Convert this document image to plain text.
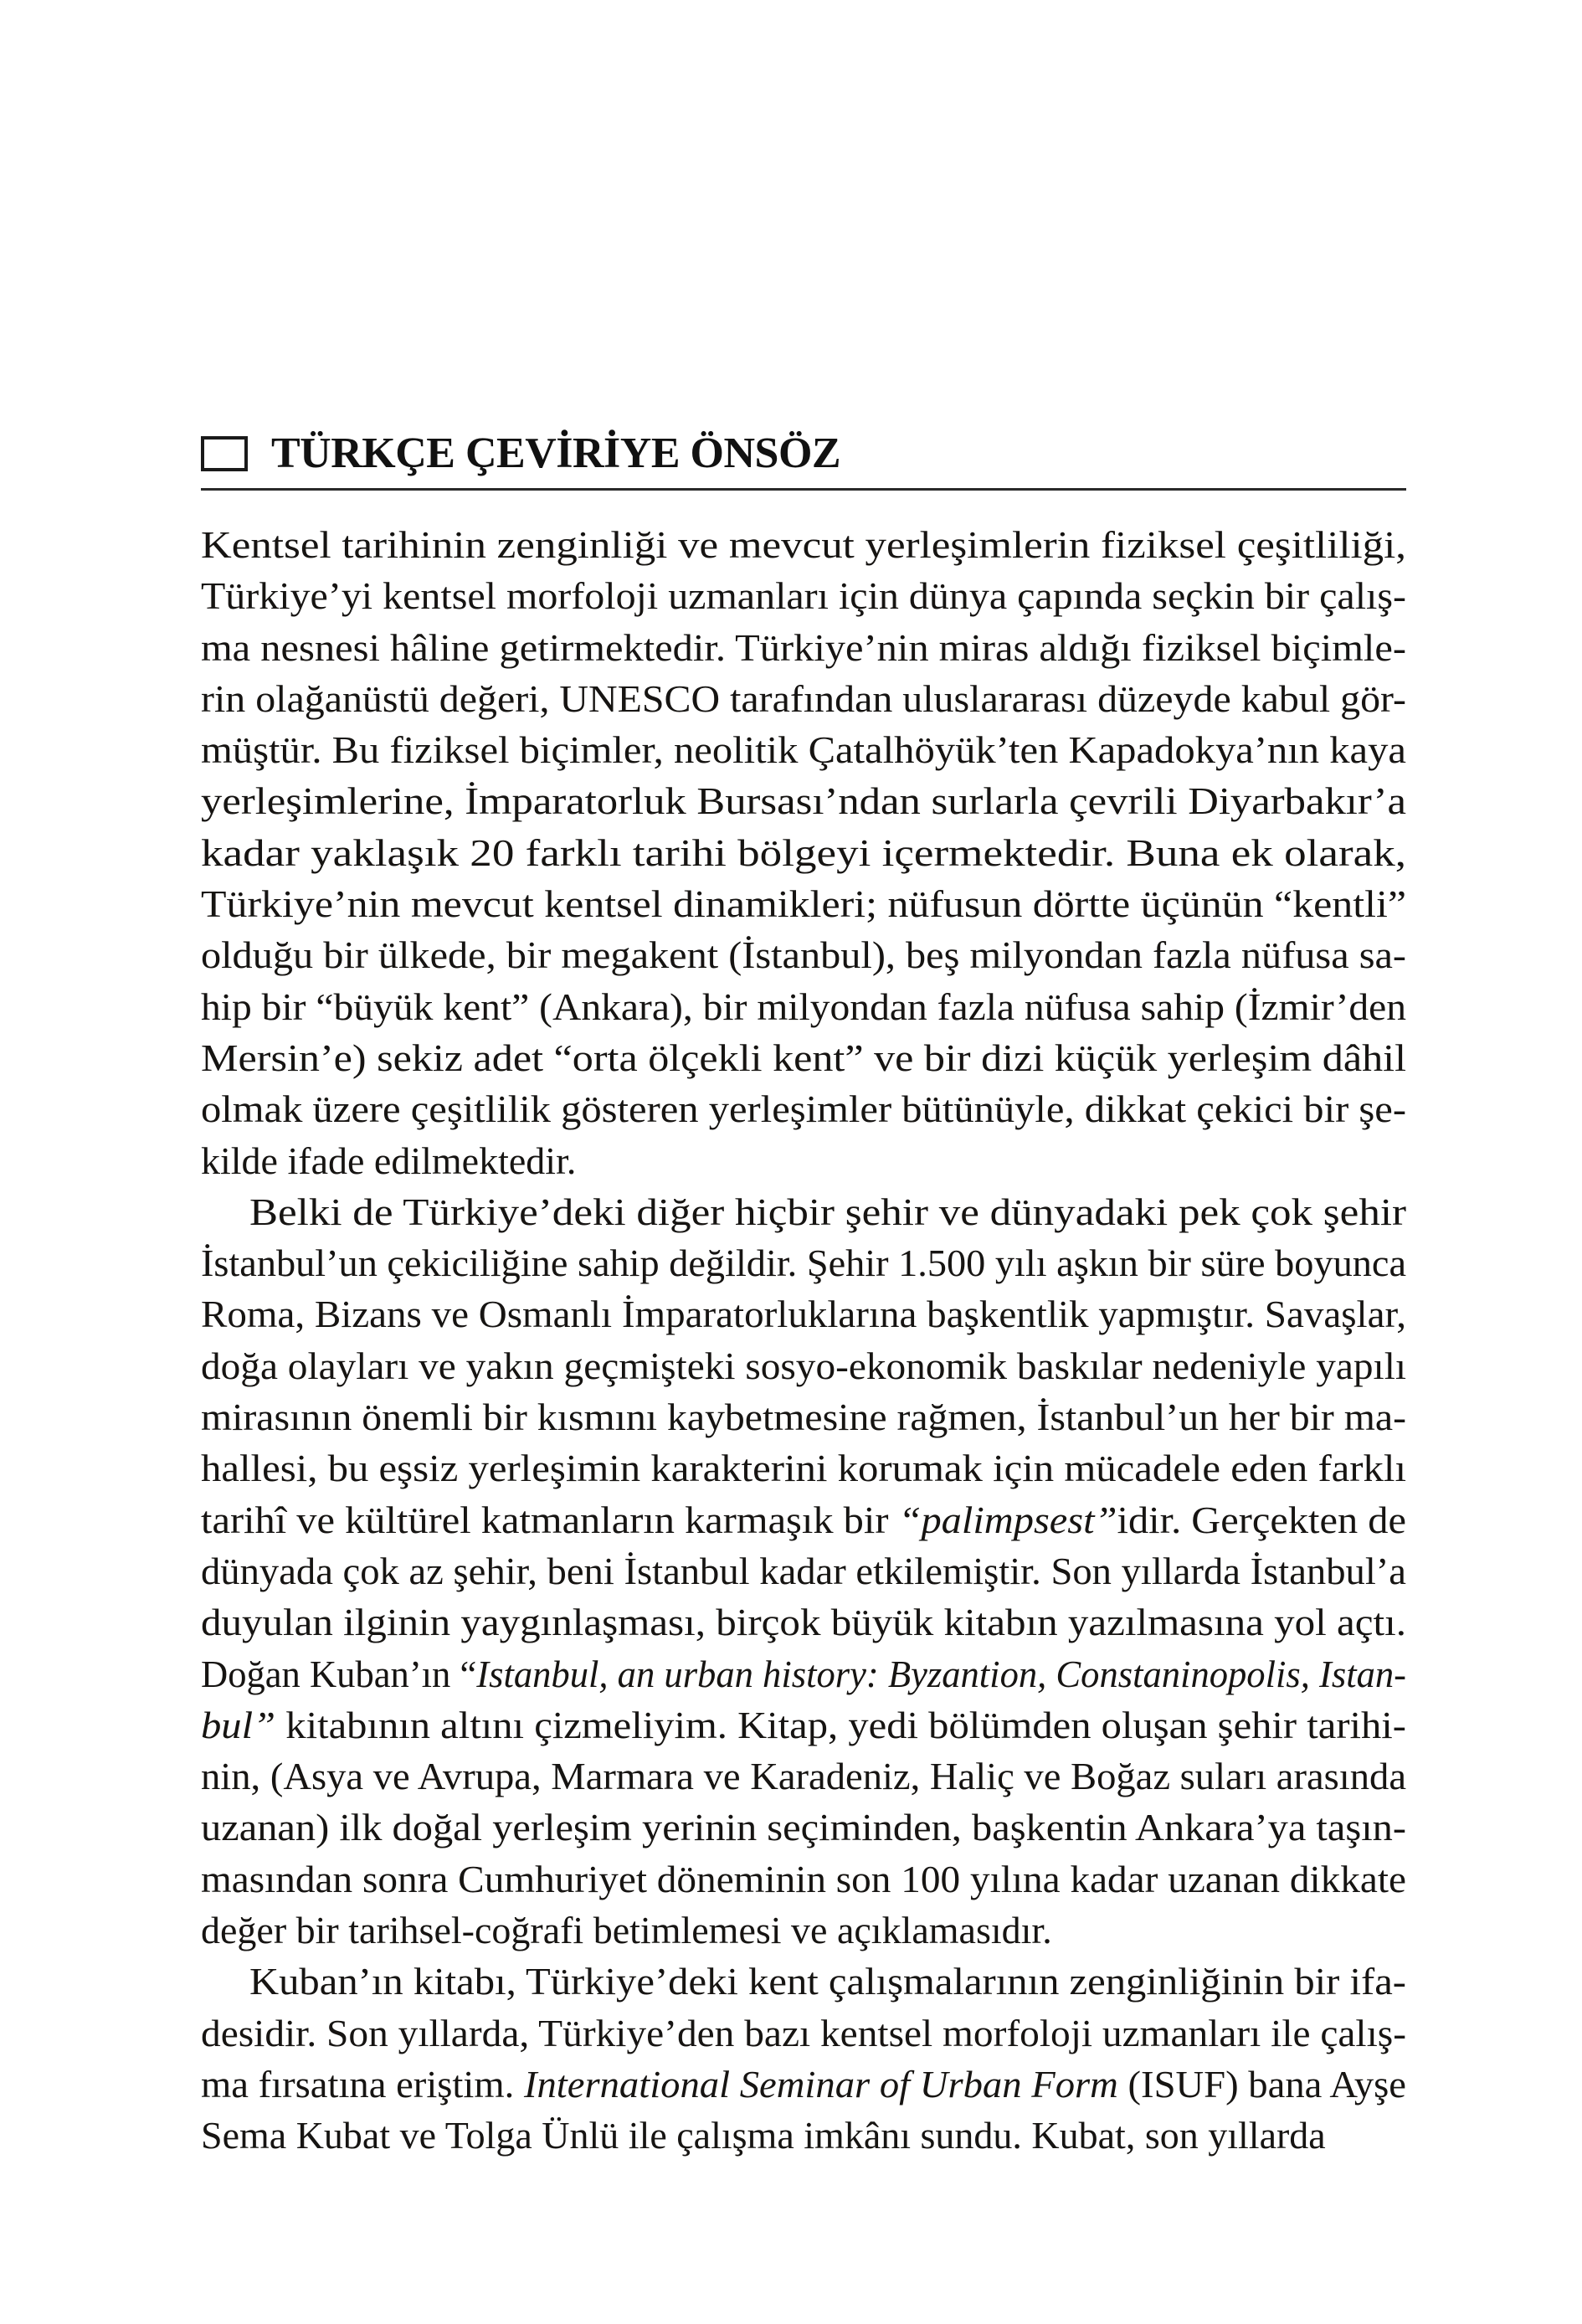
TÜRKÇE ÇEVİRİYE ÖNSÖZ
Kentsel tarihinin zenginliği ve mevcut yerleşimlerin fiziksel çeşitliliği,
Türkiye’yi kentsel morfoloji uzmanları için dünya çapında seçkin bir çalış-
ma nesnesi hâline getirmektedir. Türkiye’nin miras aldığı fiziksel biçimle-
rin olağanüstü değeri, UNESCO tarafından uluslararası düzeyde kabul gör-
müştür. Bu fiziksel biçimler, neolitik Çatalhöyük’ten Kapadokya’nın kaya
yerleşimlerine, İmparatorluk Bursası’ndan surlarla çevrili Diyarbakır’a
kadar yaklaşık 20 farklı tarihi bölgeyi içermektedir. Buna ek olarak,
Türkiye’nin mevcut kentsel dinamikleri; nüfusun dörtte üçünün “kentli”
olduğu bir ülkede, bir megakent (İstanbul), beş milyondan fazla nüfusa sa-
hip bir “büyük kent” (Ankara), bir milyondan fazla nüfusa sahip (İzmir’den
Mersin’e) sekiz adet “orta ölçekli kent” ve bir dizi küçük yerleşim dâhil
olmak üzere çeşitlilik gösteren yerleşimler bütünüyle, dikkat çekici bir şe-
kilde ifade edilmektedir.
Belki de Türkiye’deki diğer hiçbir şehir ve dünyadaki pek çok şehir
İstanbul’un çekiciliğine sahip değildir. Şehir 1.500 yılı aşkın bir süre boyunca
Roma, Bizans ve Osmanlı İmparatorluklarına başkentlik yapmıştır. Savaşlar,
doğa olayları ve yakın geçmişteki sosyo-ekonomik baskılar nedeniyle yapılı
mirasının önemli bir kısmını kaybetmesine rağmen, İstanbul’un her bir ma-
hallesi, bu eşsiz yerleşimin karakterini korumak için mücadele eden farklı
tarihî ve kültürel katmanların karmaşık bir “palimpsest”idir. Gerçekten de
dünyada çok az şehir, beni İstanbul kadar etkilemiştir. Son yıllarda İstanbul’a
duyulan ilginin yaygınlaşması, birçok büyük kitabın yazılmasına yol açtı.
Doğan Kuban’ın “Istanbul, an urban history: Byzantion, Constaninopolis, Istan-
bul” kitabının altını çizmeliyim. Kitap, yedi bölümden oluşan şehir tarihi-
nin, (Asya ve Avrupa, Marmara ve Karadeniz, Haliç ve Boğaz suları arasında
uzanan) ilk doğal yerleşim yerinin seçiminden, başkentin Ankara’ya taşın-
masından sonra Cumhuriyet döneminin son 100 yılına kadar uzanan dikkate
değer bir tarihsel-coğrafi betimlemesi ve açıklamasıdır.
Kuban’ın kitabı, Türkiye’deki kent çalışmalarının zenginliğinin bir ifa-
desidir. Son yıllarda, Türkiye’den bazı kentsel morfoloji uzmanları ile çalış-
ma fırsatına eriştim. International Seminar of Urban Form (ISUF) bana Ayşe
Sema Kubat ve Tolga Ünlü ile çalışma imkânı sundu. Kubat, son yıllarda
